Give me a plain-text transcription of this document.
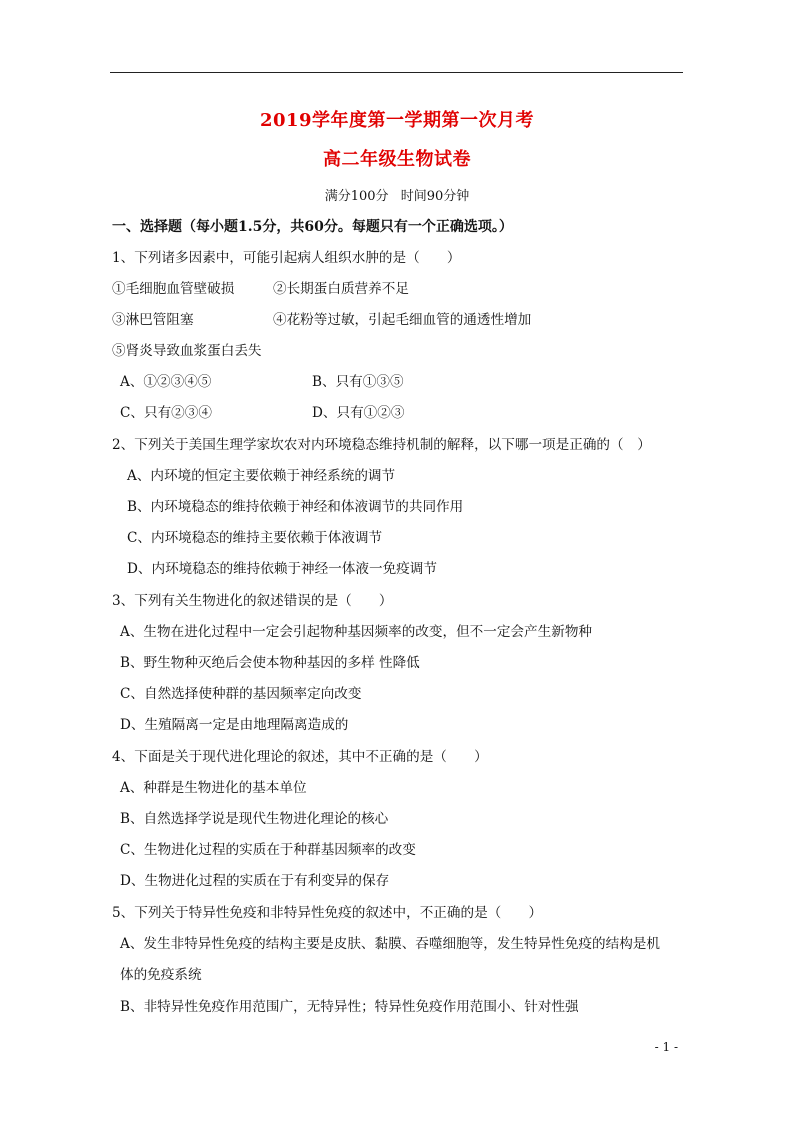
2019学年度第一学期第一次月考
高二年级生物试卷
满分100分 时间90分钟
一、选择题（每小题1.5分，共60分。每题只有一个正确选项。）
1、下列诸多因素中，可能引起病人组织水肿的是（　　）
①毛细胞血管壁破损	②长期蛋白质营养不足
③淋巴管阻塞	④花粉等过敏，引起毛细血管的通透性增加
⑤肾炎导致血浆蛋白丢失
A、①②③④⑤	B、只有①③⑤
C、只有②③④	D、只有①②③
2、下列关于美国生理学家坎农对内环境稳态维持机制的解释，以下哪一项是正确的（　）
A、内环境的恒定主要依赖于神经系统的调节
B、内环境稳态的维持依赖于神经和体液调节的共同作用
C、内环境稳态的维持主要依赖于体液调节
D、内环境稳态的维持依赖于神经一体液一免疫调节
3、下列有关生物进化的叙述错误的是（　　）
A、生物在进化过程中一定会引起物种基因频率的改变，但不一定会产生新物种
B、野生物种灭绝后会使本物种基因的多样 性降低
C、自然选择使种群的基因频率定向改变
D、生殖隔离一定是由地理隔离造成的
4、下面是关于现代进化理论的叙述，其中不正确的是（　　）
A、种群是生物进化的基本单位
B、自然选择学说是现代生物进化理论的核心
C、生物进化过程的实质在于种群基因频率的改变
D、生物进化过程的实质在于有利变异的保存
5、下列关于特异性免疫和非特异性免疫的叙述中，不正确的是（　　）
A、发生非特异性免疫的结构主要是皮肤、黏膜、吞噬细胞等，发生特异性免疫的结构是机
体的免疫系统
B、非特异性免疫作用范围广，无特异性；特异性免疫作用范围小、针对性强
- 1 -
